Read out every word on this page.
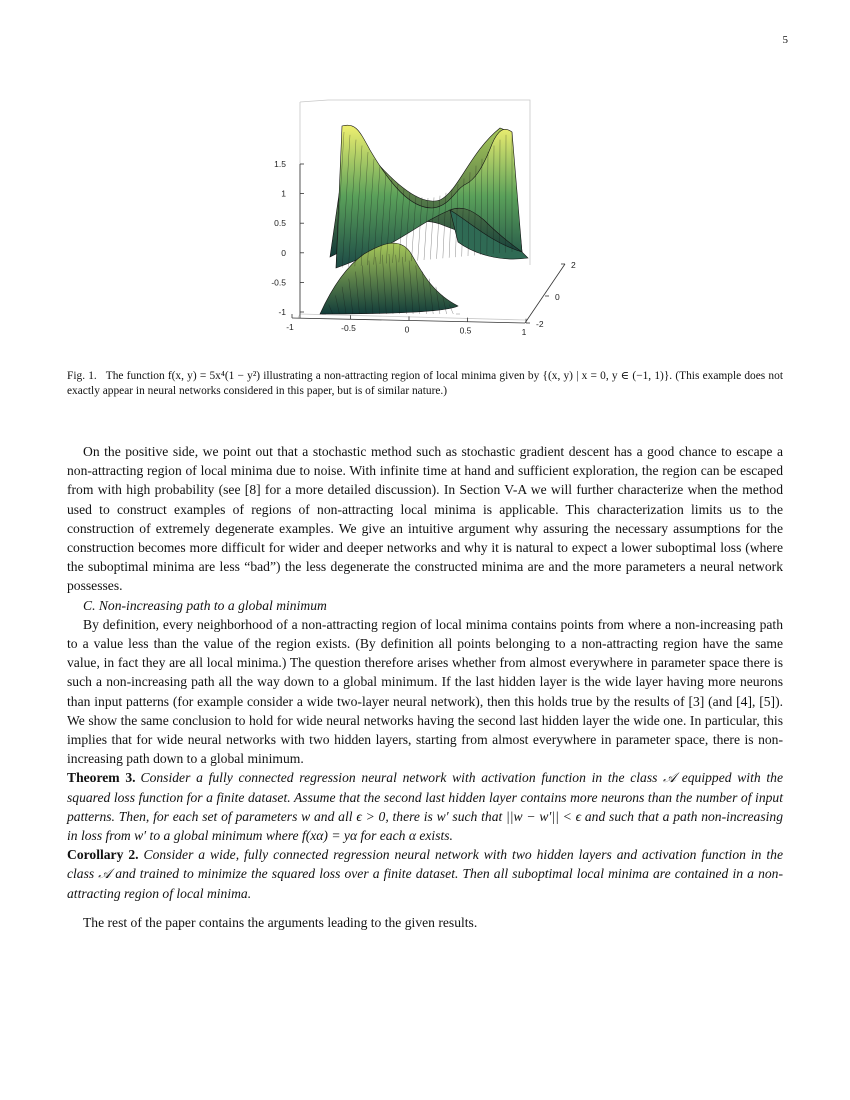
5
1.5
1
0.5
0
-0.5
-1
-1	-0.5	0	0.5	1
2
0
-2
Fig. 1. The function f(x, y) = 5x⁴(1 − y²) illustrating a non-attracting region of local minima given by {(x, y) | x = 0, y ∈ (−1, 1)}. (This example does not exactly appear in neural networks considered in this paper, but is of similar nature.)

On the positive side, we point out that a stochastic method such as stochastic gradient descent has a good chance to escape a non-attracting region of local minima due to noise. With infinite time at hand and sufficient exploration, the region can be escaped from with high probability (see [8] for a more detailed discussion). In Section V-A we will further characterize when the method used to construct examples of regions of non-attracting local minima is applicable. This characterization limits us to the construction of extremely degenerate examples. We give an intuitive argument why assuring the necessary assumptions for the construction becomes more difficult for wider and deeper networks and why it is natural to expect a lower suboptimal loss (where the suboptimal minima are less “bad”) the less degenerate the constructed minima are and the more parameters a neural network possesses.

C. Non-increasing path to a global minimum

By definition, every neighborhood of a non-attracting region of local minima contains points from where a non-increasing path to a value less than the value of the region exists. (By definition all points belonging to a non-attracting region have the same value, in fact they are all local minima.) The question therefore arises whether from almost everywhere in parameter space there is such a non-increasing path all the way down to a global minimum. If the last hidden layer is the wide layer having more neurons than input patterns (for example consider a wide two-layer neural network), then this holds true by the results of [3] (and [4], [5]). We show the same conclusion to hold for wide neural networks having the second last hidden layer the wide one. In particular, this implies that for wide neural networks with two hidden layers, starting from almost everywhere in parameter space, there is non-increasing path down to a global minimum.

Theorem 3. Consider a fully connected regression neural network with activation function in the class 𝒜 equipped with the squared loss function for a finite dataset. Assume that the second last hidden layer contains more neurons than the number of input patterns. Then, for each set of parameters w and all ϵ > 0, there is w′ such that ||w − w′|| < ϵ and such that a path non-increasing in loss from w′ to a global minimum where f(xα) = yα for each α exists.

Corollary 2. Consider a wide, fully connected regression neural network with two hidden layers and activation function in the class 𝒜 and trained to minimize the squared loss over a finite dataset. Then all suboptimal local minima are contained in a non-attracting region of local minima.

The rest of the paper contains the arguments leading to the given results.
